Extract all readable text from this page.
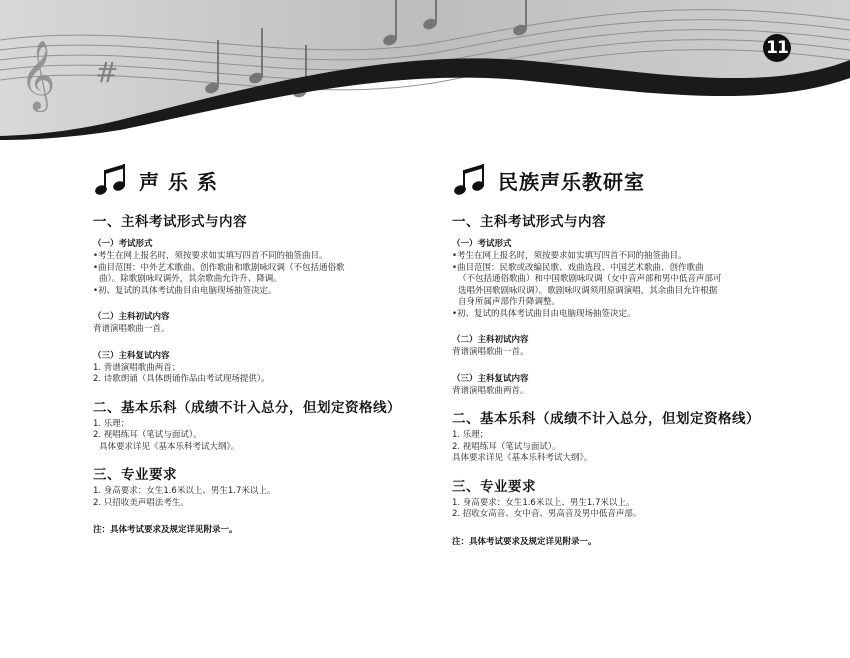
#
𝄞	11
声乐系
一、主科考试形式与内容
（一）考试形式
•考生在网上报名时，须按要求如实填写四首不同的抽签曲目。
•曲目范围：中外艺术歌曲、创作歌曲和歌剧咏叹调（不包括通俗歌
曲）。除歌剧咏叹调外，其余歌曲允许升、降调。
•初、复试的具体考试曲目由电脑现场抽签决定。
（二）主科初试内容
背谱演唱歌曲一首。
（三）主科复试内容
1. 背谱演唱歌曲两首；
2. 诗歌朗诵（具体朗诵作品由考试现场提供）。
二、基本乐科（成绩不计入总分，但划定资格线）
1. 乐理；
2. 视唱练耳（笔试与面试）。
具体要求详见《基本乐科考试大纲》。
三、专业要求
1. 身高要求：女生1.6米以上、男生1.7米以上。
2. 只招收美声唱法考生。
注：具体考试要求及规定详见附录一。
民族声乐教研室
一、主科考试形式与内容
（一）考试形式
•考生在网上报名时，须按要求如实填写四首不同的抽签曲目。
•曲目范围：民歌或改编民歌、戏曲选段、中国艺术歌曲、创作歌曲
（不包括通俗歌曲）和中国歌剧咏叹调（女中音声部和男中低音声部可
选唱外国歌剧咏叹调）。歌剧咏叹调须用原调演唱，其余曲目允许根据
自身所属声部作升降调整。
•初、复试的具体考试曲目由电脑现场抽签决定。
（二）主科初试内容
背谱演唱歌曲一首。
（三）主科复试内容
背谱演唱歌曲两首。
二、基本乐科（成绩不计入总分，但划定资格线）
1. 乐理；
2. 视唱练耳（笔试与面试）。
具体要求详见《基本乐科考试大纲》。
三、专业要求
1. 身高要求：女生1.6米以上、男生1.7米以上。
2. 招收女高音、女中音、男高音及男中低音声部。
注：具体考试要求及规定详见附录一。
